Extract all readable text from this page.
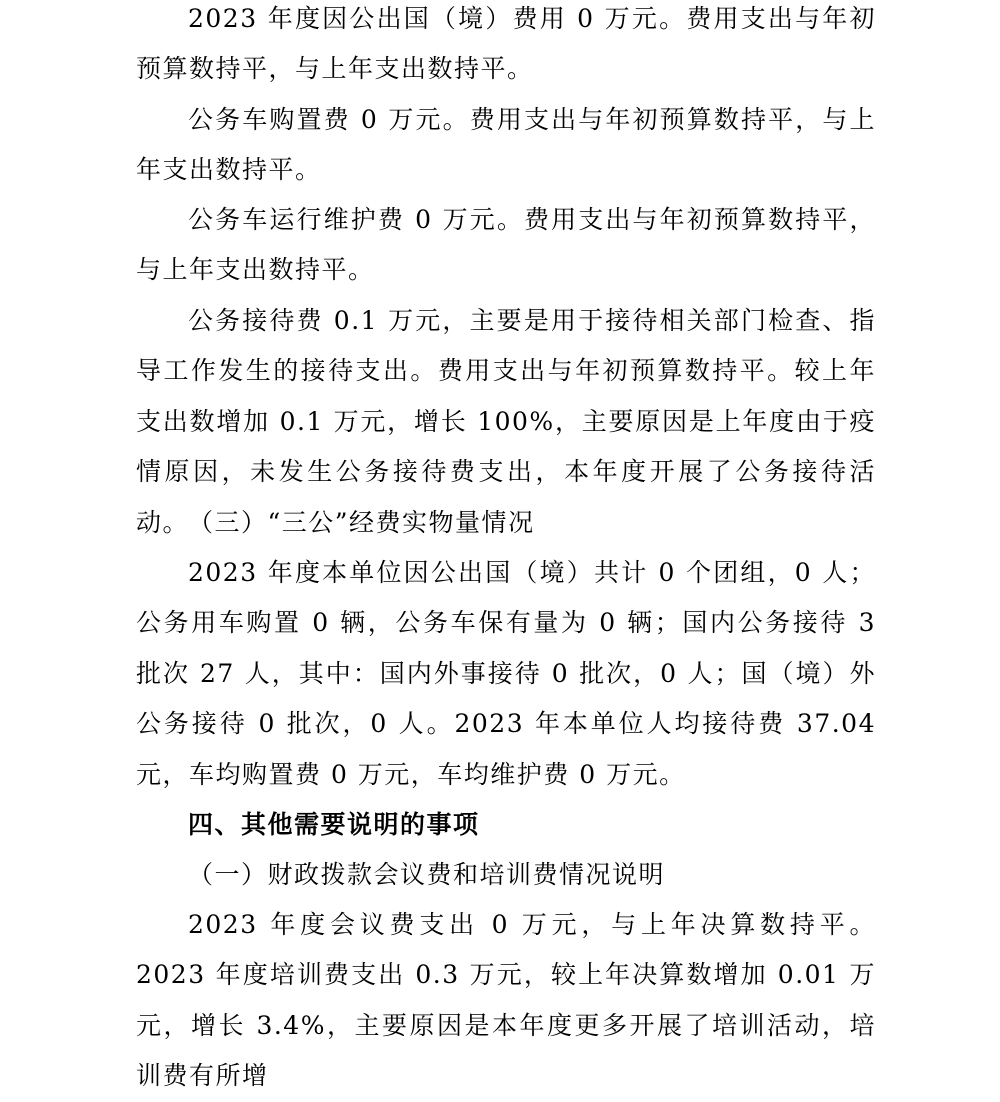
2023 年度因公出国（境）费用 0 万元。费用支出与年初预算数持平，与上年支出数持平。

公务车购置费 0 万元。费用支出与年初预算数持平，与上年支出数持平。

公务车运行维护费 0 万元。费用支出与年初预算数持平，与上年支出数持平。

公务接待费 0.1 万元，主要是用于接待相关部门检查、指导工作发生的接待支出。费用支出与年初预算数持平。较上年支出数增加 0.1 万元，增长 100%，主要原因是上年度由于疫情原因，未发生公务接待费支出，本年度开展了公务接待活动。

（三）“三公”经费实物量情况

2023 年度本单位因公出国（境）共计 0 个团组，0 人；公务用车购置 0 辆，公务车保有量为 0 辆；国内公务接待 3 批次 27 人，其中：国内外事接待 0 批次，0 人；国（境）外公务接待 0 批次，0 人。2023 年本单位人均接待费 37.04 元，车均购置费 0 万元，车均维护费 0 万元。

四、其他需要说明的事项

（一）财政拨款会议费和培训费情况说明

2023 年度会议费支出 0 万元，与上年决算数持平。2023 年度培训费支出 0.3 万元，较上年决算数增加 0.01 万元，增长 3.4%，主要原因是本年度更多开展了培训活动，培训费有所增
